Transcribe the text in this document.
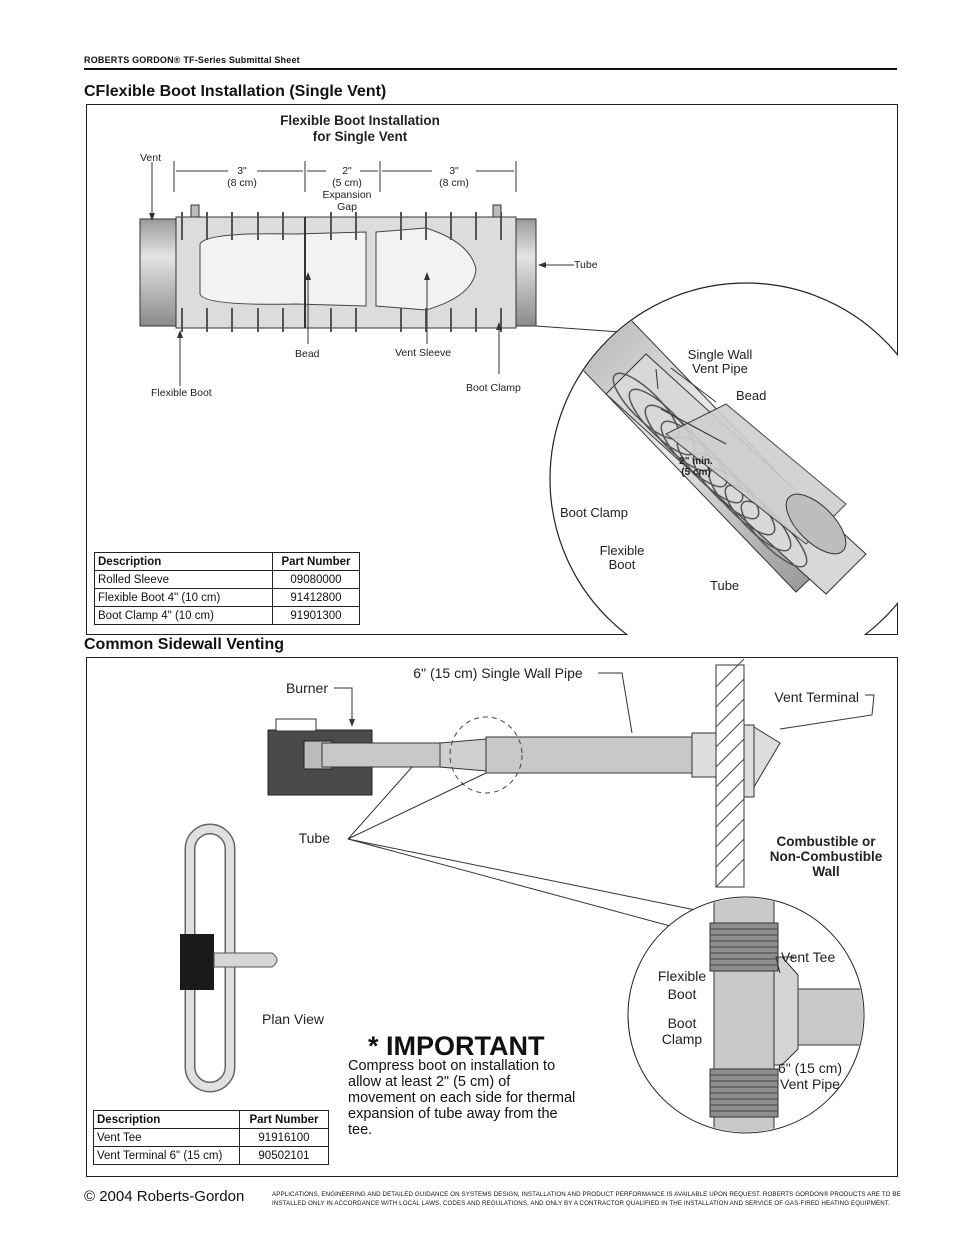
ROBERTS GORDON® TF-Series Submittal Sheet
CFlexible Boot Installation (Single Vent)
Flexible Boot Installation
for Single Vent
3"
(8 cm)
2"
(5 cm)
Expansion
Gap
3"
(8 cm)
Vent
Tube
Bead	Vent Sleeve
Flexible Boot	Boot Clamp
Single Wall
Vent Pipe
Bead
2" min.
(5 cm)
Boot Clamp
Flexible
Boot
Tube
Description	Part Number
Rolled Sleeve	09080000
Flexible Boot 4" (10 cm)	91412800
Boot Clamp 4" (10 cm)	91901300
Common Sidewall Venting
Burner
6" (15 cm) Single Wall Pipe
Vent Terminal
Tube
Plan View
Combustible or
Non-Combustible
Wall
Vent Tee
Flexible
Boot
Boot
Clamp
6" (15 cm)
Vent Pipe
* IMPORTANT
Compress boot on installation to allow at least 2" (5 cm) of movement on each side for thermal expansion of tube away from the tee.
Description	Part Number
Vent Tee	91916100
Vent Terminal 6" (15 cm)	90502101
© 2004 Roberts-Gordon	APPLICATIONS, ENGINEERING AND DETAILED GUIDANCE ON SYSTEMS DESIGN, INSTALLATION AND PRODUCT PERFORMANCE IS AVAILABLE UPON REQUEST. ROBERTS GORDON® PRODUCTS ARE TO BE INSTALLED ONLY IN ACCORDANCE WITH LOCAL LAWS, CODES AND REGULATIONS, AND ONLY BY A CONTRACTOR QUALIFIED IN THE INSTALLATION AND SERVICE OF GAS-FIRED HEATING EQUIPMENT.
